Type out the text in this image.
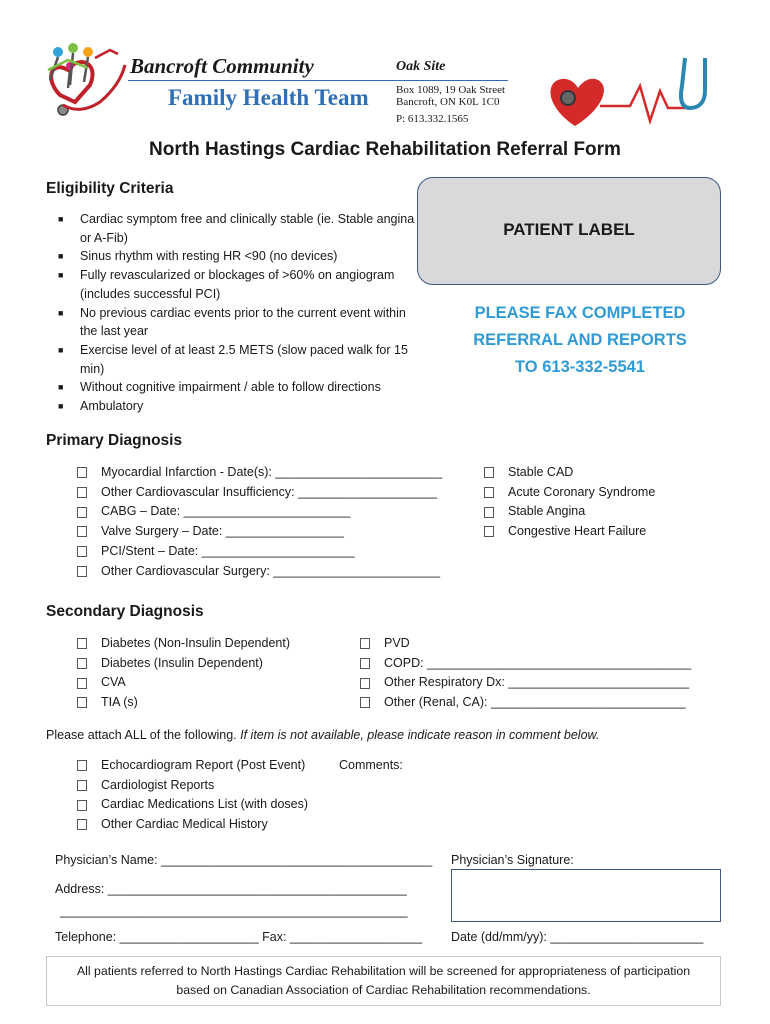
Bancroft Community
Family Health Team
Oak Site
Box 1089, 19 Oak Street
Bancroft, ON K0L 1C0
P: 613.332.1565
North Hastings Cardiac Rehabilitation Referral Form
Eligibility Criteria
■ Cardiac symptom free and clinically stable (ie. Stable angina or A-Fib)
■ Sinus rhythm with resting HR <90 (no devices)
■ Fully revascularized or blockages of >60% on angiogram (includes successful PCI)
■ No previous cardiac events prior to the current event within the last year
■ Exercise level of at least 2.5 METS (slow paced walk for 15 min)
■ Without cognitive impairment / able to follow directions
■ Ambulatory
PATIENT LABEL
PLEASE FAX COMPLETED
REFERRAL AND REPORTS
TO 613-332-5541
Primary Diagnosis
Myocardial Infarction - Date(s): ________________________
Other Cardiovascular Insufficiency: ____________________
CABG – Date: ________________________
Valve Surgery – Date: _________________
PCI/Stent – Date: ______________________
Other Cardiovascular Surgery: ________________________
Stable CAD
Acute Coronary Syndrome
Stable Angina
Congestive Heart Failure
Secondary Diagnosis
Diabetes (Non-Insulin Dependent)
Diabetes (Insulin Dependent)
CVA
TIA (s)
PVD
COPD: ______________________________________
Other Respiratory Dx: __________________________
Other (Renal, CA): ____________________________
Please attach ALL of the following. If item is not available, please indicate reason in comment below.
Echocardiogram Report (Post Event)
Cardiologist Reports
Cardiac Medications List (with doses)
Other Cardiac Medical History
Comments:
Physician’s Name: _______________________________________ Physician’s Signature:
Address: ___________________________________________
__________________________________________________
Telephone: ____________________ Fax: ___________________ Date (dd/mm/yy): ______________________
All patients referred to North Hastings Cardiac Rehabilitation will be screened for appropriateness of participation
based on Canadian Association of Cardiac Rehabilitation recommendations.
